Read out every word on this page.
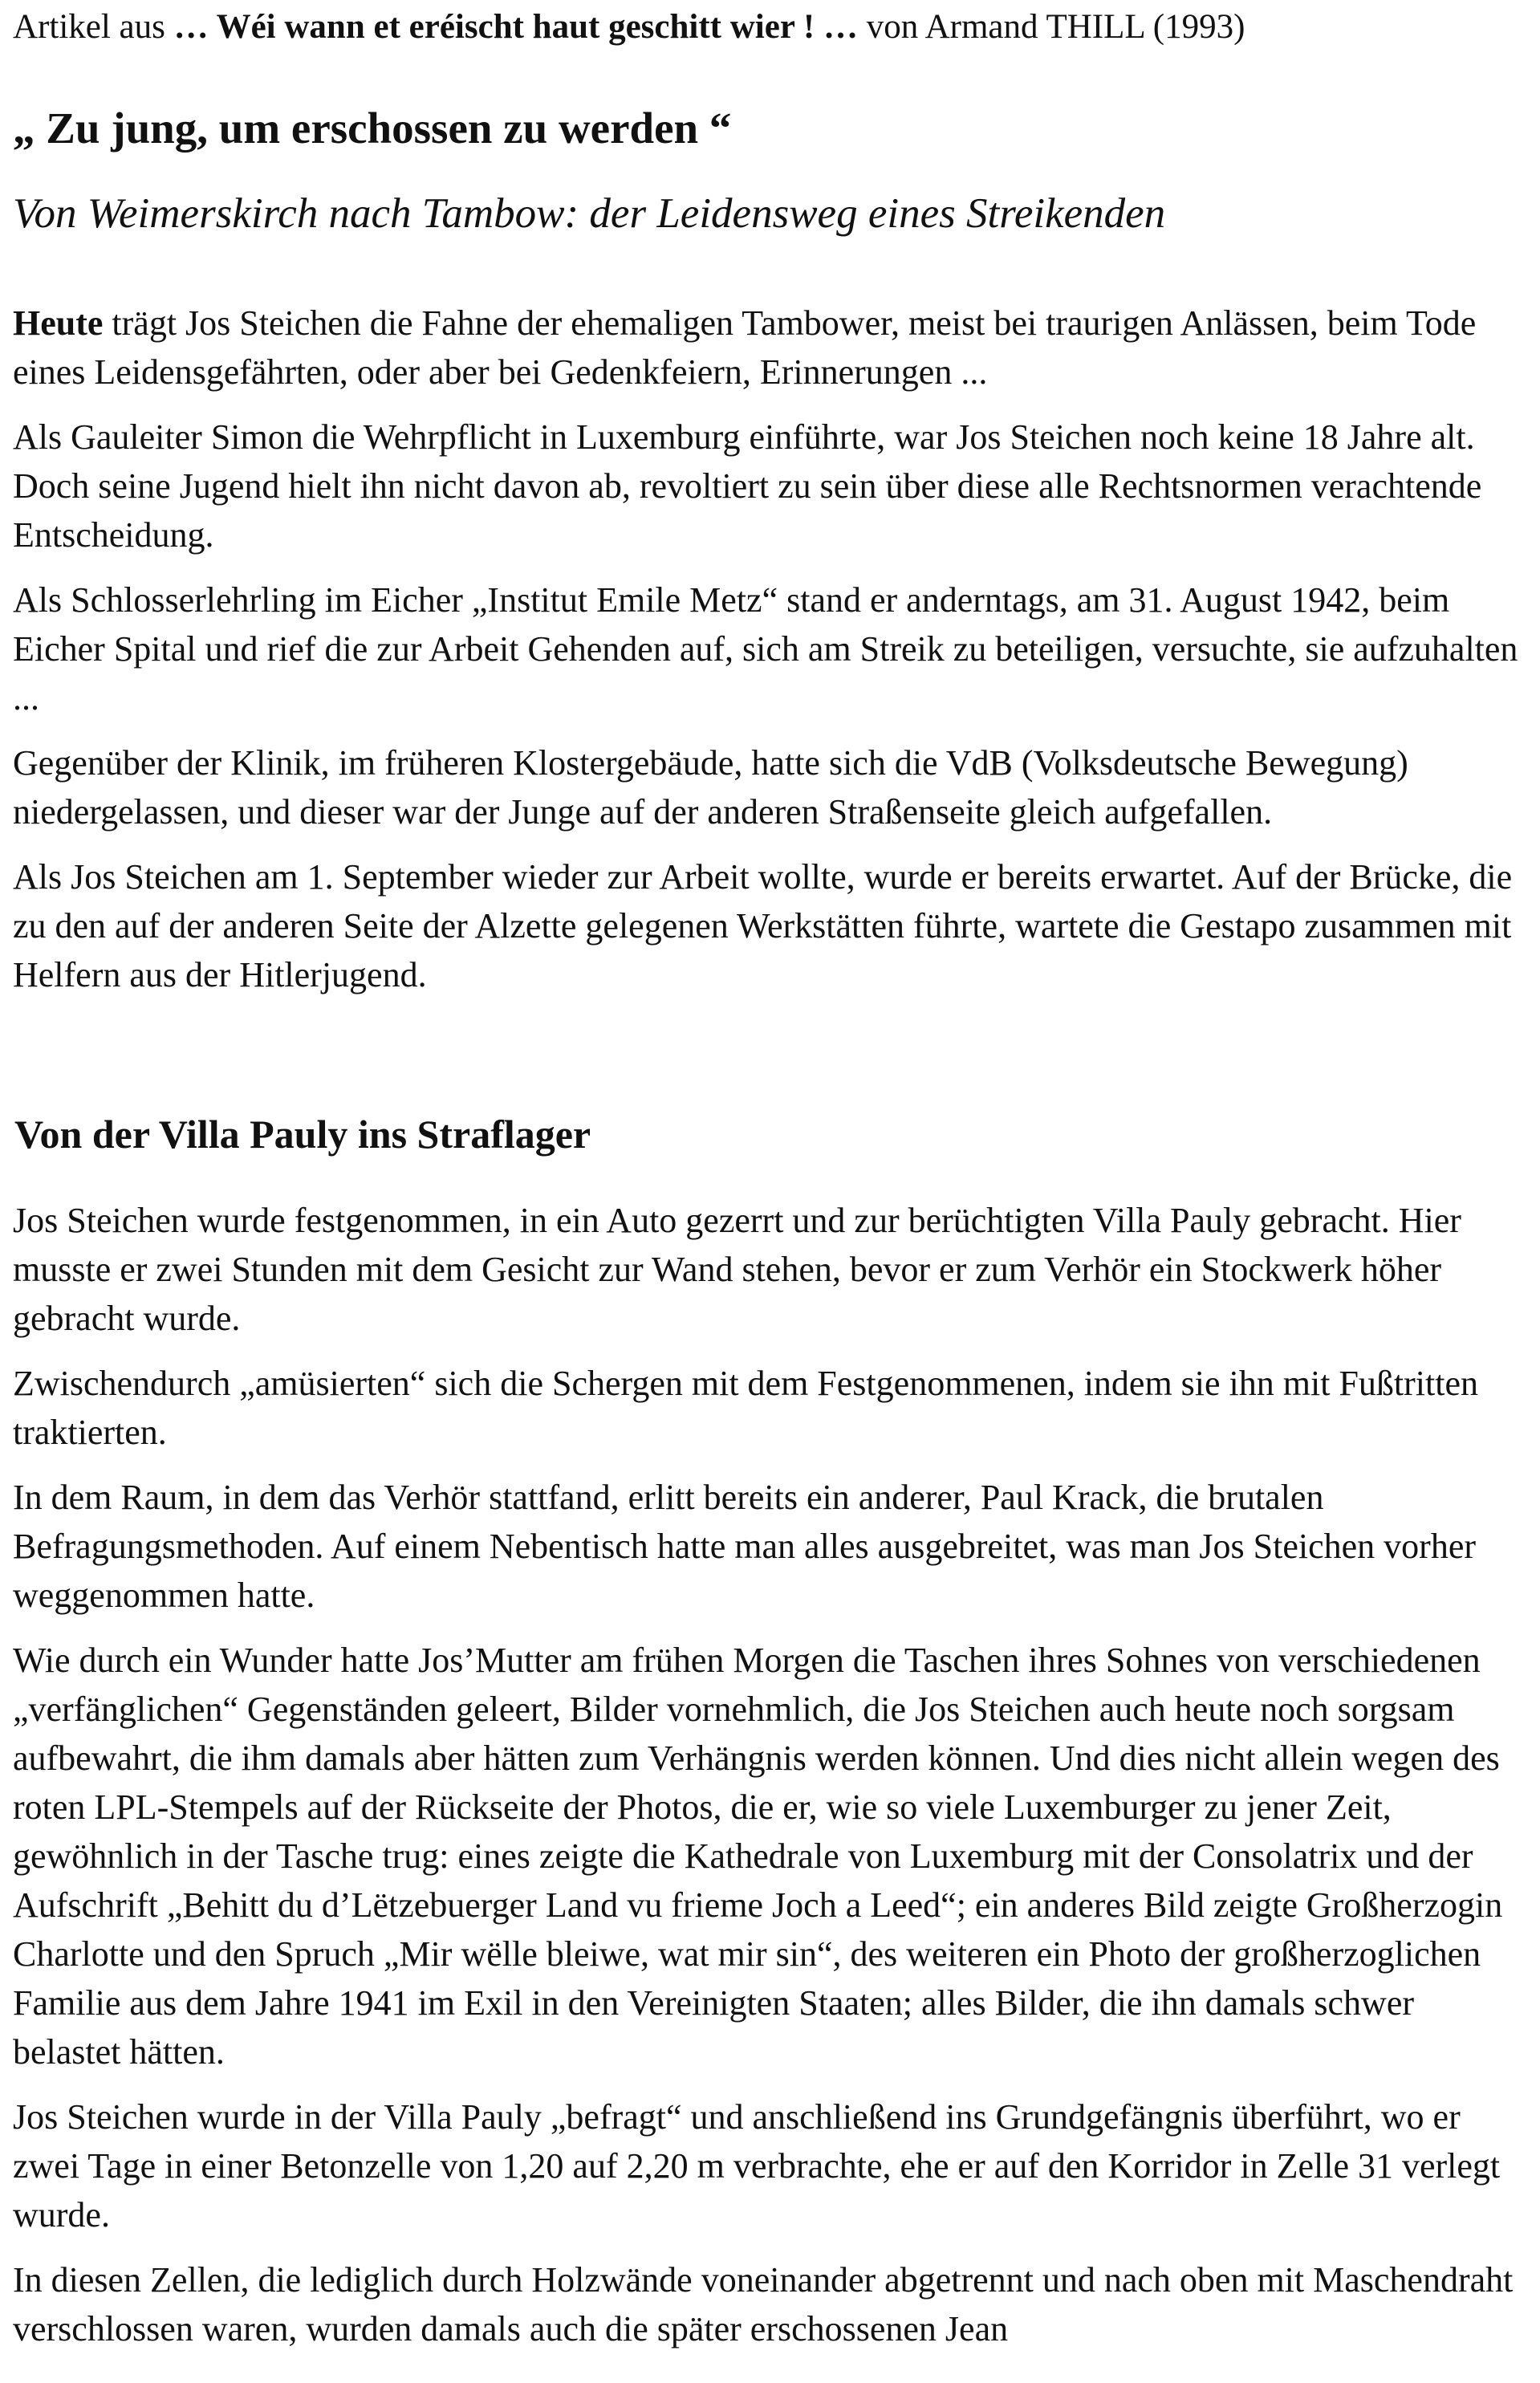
Artikel aus … Wéi wann et eréischt haut geschitt wier ! … von Armand THILL (1993)
„ Zu jung, um erschossen zu werden “
Von Weimerskirch nach Tambow: der Leidensweg eines Streikenden

Heute trägt Jos Steichen die Fahne der ehemaligen Tambower, meist bei traurigen Anlässen, beim Tode eines Leidensgefährten, oder aber bei Gedenkfeiern, Erinnerungen ...

Als Gauleiter Simon die Wehrpflicht in Luxemburg einführte, war Jos Steichen noch keine 18 Jahre alt. Doch seine Jugend hielt ihn nicht davon ab, revoltiert zu sein über diese alle Rechtsnormen verachtende Entscheidung.

Als Schlosserlehrling im Eicher „Institut Emile Metz“ stand er anderntags, am 31. August 1942, beim Eicher Spital und rief die zur Arbeit Gehenden auf, sich am Streik zu beteiligen, versuchte, sie aufzuhalten ...

Gegenüber der Klinik, im früheren Klostergebäude, hatte sich die VdB (Volksdeutsche Bewegung) niedergelassen, und dieser war der Junge auf der anderen Straßenseite gleich aufgefallen.

Als Jos Steichen am 1. September wieder zur Arbeit wollte, wurde er bereits erwartet. Auf der Brücke, die zu den auf der anderen Seite der Alzette gelegenen Werkstätten führte, wartete die Gestapo zusammen mit Helfern aus der Hitlerjugend.

Von der Villa Pauly ins Straflager

Jos Steichen wurde festgenommen, in ein Auto gezerrt und zur berüchtigten Villa Pauly gebracht. Hier musste er zwei Stunden mit dem Gesicht zur Wand stehen, bevor er zum Verhör ein Stockwerk höher gebracht wurde.

Zwischendurch „amüsierten“ sich die Schergen mit dem Festgenommenen, indem sie ihn mit Fußtritten traktierten.

In dem Raum, in dem das Verhör stattfand, erlitt bereits ein anderer, Paul Krack, die brutalen Befragungsmethoden. Auf einem Nebentisch hatte man alles ausgebreitet, was man Jos Steichen vorher weggenommen hatte.

Wie durch ein Wunder hatte Jos’Mutter am frühen Morgen die Taschen ihres Sohnes von verschiedenen „verfänglichen“ Gegenständen geleert, Bilder vornehmlich, die Jos Steichen auch heute noch sorgsam aufbewahrt, die ihm damals aber hätten zum Verhängnis werden können. Und dies nicht allein wegen des roten LPL-Stempels auf der Rückseite der Photos, die er, wie so viele Luxemburger zu jener Zeit, gewöhnlich in der Tasche trug: eines zeigte die Kathedrale von Luxemburg mit der Consolatrix und der Aufschrift „Behitt du d’Lëtzebuerger Land vu frieme Joch a Leed“; ein anderes Bild zeigte Großherzogin Charlotte und den Spruch „Mir wëlle bleiwe, wat mir sin“, des weiteren ein Photo der großherzoglichen Familie aus dem Jahre 1941 im Exil in den Vereinigten Staaten; alles Bilder, die ihn damals schwer belastet hätten.

Jos Steichen wurde in der Villa Pauly „befragt“ und anschließend ins Grundgefängnis überführt, wo er zwei Tage in einer Betonzelle von 1,20 auf 2,20 m verbrachte, ehe er auf den Korridor in Zelle 31 verlegt wurde.

In diesen Zellen, die lediglich durch Holzwände voneinander abgetrennt und nach oben mit Maschendraht verschlossen waren, wurden damals auch die später erschossenen Jean
